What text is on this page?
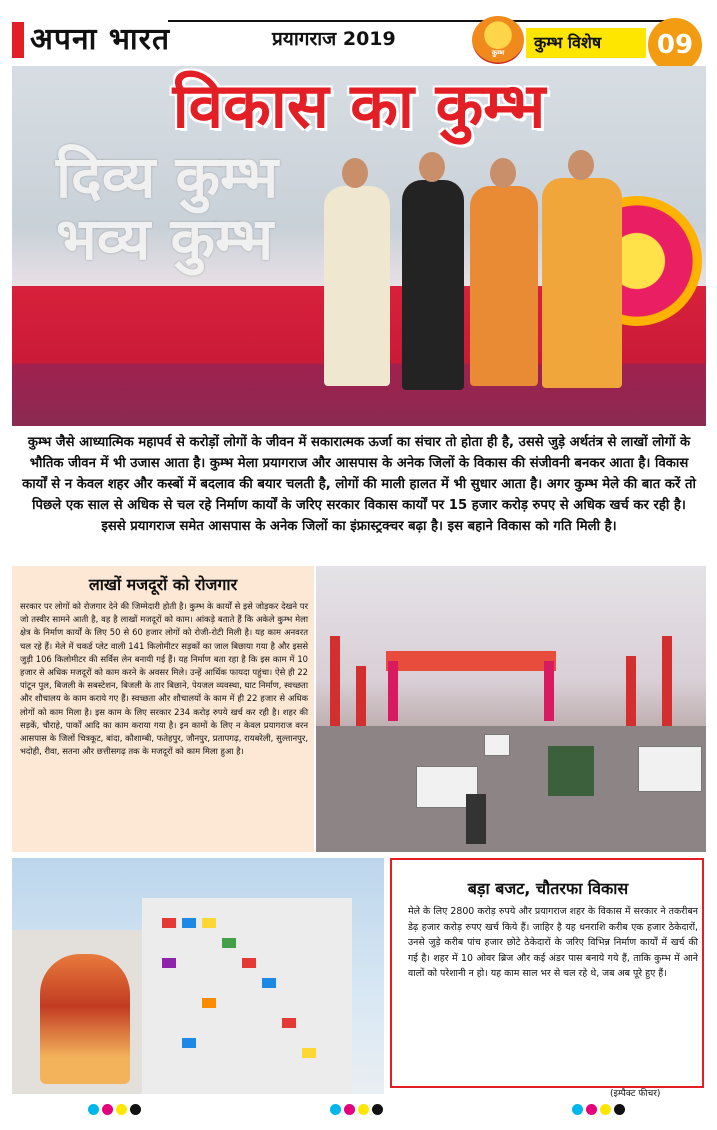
अपना भारत	प्रयागराज 2019
कुम्भ
कुम्भ विशेष	09
दिव्य कुम्भ
भव्य कुम्भ
विकास का कुम्भ
कुम्भ जैसे आध्यात्मिक महापर्व से करोड़ों लोगों के जीवन में सकारात्मक ऊर्जा का संचार तो होता ही है, उससे जुड़े अर्थतंत्र से लाखों लोगों के भौतिक जीवन में भी उजास आता है। कुम्भ मेला प्रयागराज और आसपास के अनेक जिलों के विकास की संजीवनी बनकर आता है। विकास कार्यों से न केवल शहर और कस्बों में बदलाव की बयार चलती है, लोगों की माली हालत में भी सुधार आता है। अगर कुम्भ मेले की बात करें तो पिछले एक साल से अधिक से चल रहे निर्माण कार्यों के जरिए सरकार विकास कार्यों पर 15 हजार करोड़ रुपए से अधिक खर्च कर रही है। इससे प्रयागराज समेत आसपास के अनेक जिलों का इंफ्रास्ट्रक्चर बढ़ा है। इस बहाने विकास को गति मिली है।
लाखों मजदूरों को रोजगार
सरकार पर लोगों को रोजगार देने की जिम्मेदारी होती है। कुम्भ के कार्यों से इसे जोड़कर देखने पर जो तस्वीर सामने आती है, वह है लाखों मजदूरों को काम। आंकड़े बताते हैं कि अकेले कुम्भ मेला क्षेत्र के निर्माण कार्यों के लिए 50 से 60 हजार लोगों को रोजी-रोटी मिली है। यह काम अनवरत चल रहे हैं। मेले में चकर्ड प्लेट वाली 141 किलोमीटर सड़कों का जाल बिछाया गया है और इससे जुड़ी 106 किलोमीटर की सर्विस लेन बनायी गई हैं। यह निर्माण बता रहा है कि इस काम में 10 हजार से अधिक मजदूरों को काम करने के अवसर मिले। उन्हें आर्थिक फायदा पहुंचा। ऐसे ही 22 पांटून पुल, बिजली के सबस्टेशन, बिजली के तार बिछाने, पेयजल व्यवस्था, घाट निर्माण, स्वच्छता और शौचालय के काम कराये गए हैं। स्वच्छता और शौचालयों के काम में ही 22 हजार से अधिक लोगों को काम मिला है। इस काम के लिए सरकार 234 करोड़ रुपये खर्च कर रही है। शहर की सड़कें, चौराहे, पार्कों आदि का काम कराया गया है। इन कामों के लिए न केवल प्रयागराज वरन आसपास के जिलों चित्रकूट, बांदा, कौशाम्बी, फतेहपुर, जौनपुर, प्रतापगढ़, रायबरेली, सुल्तानपुर, भदोही, रीवा, सतना और छत्तीसगढ़ तक के मजदूरों को काम मिला हुआ है।
बड़ा बजट, चौतरफा विकास
मेले के लिए 2800 करोड़ रुपये और प्रयागराज शहर के विकास में सरकार ने तकरीबन डेढ़ हजार करोड़ रुपए खर्च किये हैं। जाहिर है यह धनराशि करीब एक हजार ठेकेदारों, उनसे जुड़े करीब पांच हजार छोटे ठेकेदारों के जरिए विभिन्न निर्माण कार्यों में खर्च की गई है। शहर में 10 ओवर ब्रिज और कई अंडर पास बनाये गये हैं, ताकि कुम्भ में आने वालों को परेशानी न हो। यह काम साल भर से चल रहे थे, जब अब पूरे हुए हैं।
(इम्पैक्ट फीचर)
